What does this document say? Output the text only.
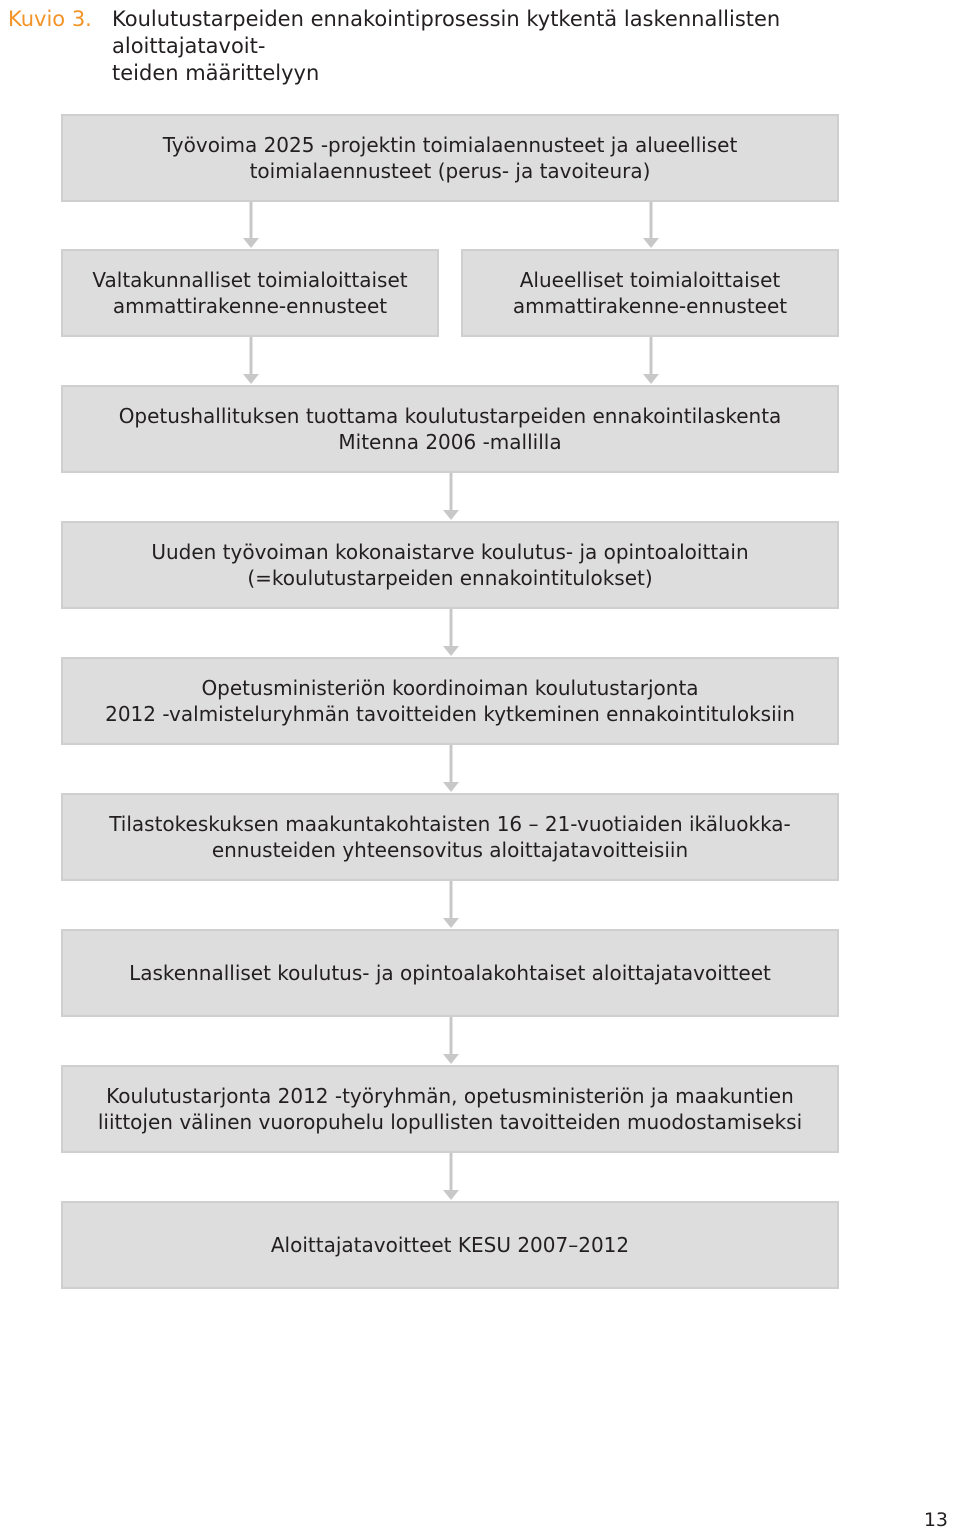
Kuvio 3. Koulutustarpeiden ennakointiprosessin kytkentä laskennallisten aloittajatavoit-
teiden määrittelyyn
Työvoima 2025 -projektin toimialaennusteet ja alueelliset
toimialaennusteet (perus- ja tavoiteura)
Valtakunnalliset toimialoittaiset
ammattirakenne-ennusteet
Alueelliset toimialoittaiset
ammattirakenne-ennusteet
Opetushallituksen tuottama koulutustarpeiden ennakointilaskenta
Mitenna 2006 -mallilla
Uuden työvoiman kokonaistarve koulutus- ja opintoaloittain
(=koulutustarpeiden ennakointitulokset)
Opetusministeriön koordinoiman koulutustarjonta
2012 -valmisteluryhmän tavoitteiden kytkeminen ennakointituloksiin
Tilastokeskuksen maakuntakohtaisten 16 – 21-vuotiaiden ikäluokka-
ennusteiden yhteensovitus aloittajatavoitteisiin
Laskennalliset koulutus- ja opintoalakohtaiset aloittajatavoitteet
Koulutustarjonta 2012 -työryhmän, opetusministeriön ja maakuntien
liittojen välinen vuoropuhelu lopullisten tavoitteiden muodostamiseksi
Aloittajatavoitteet KESU 2007–2012
13
